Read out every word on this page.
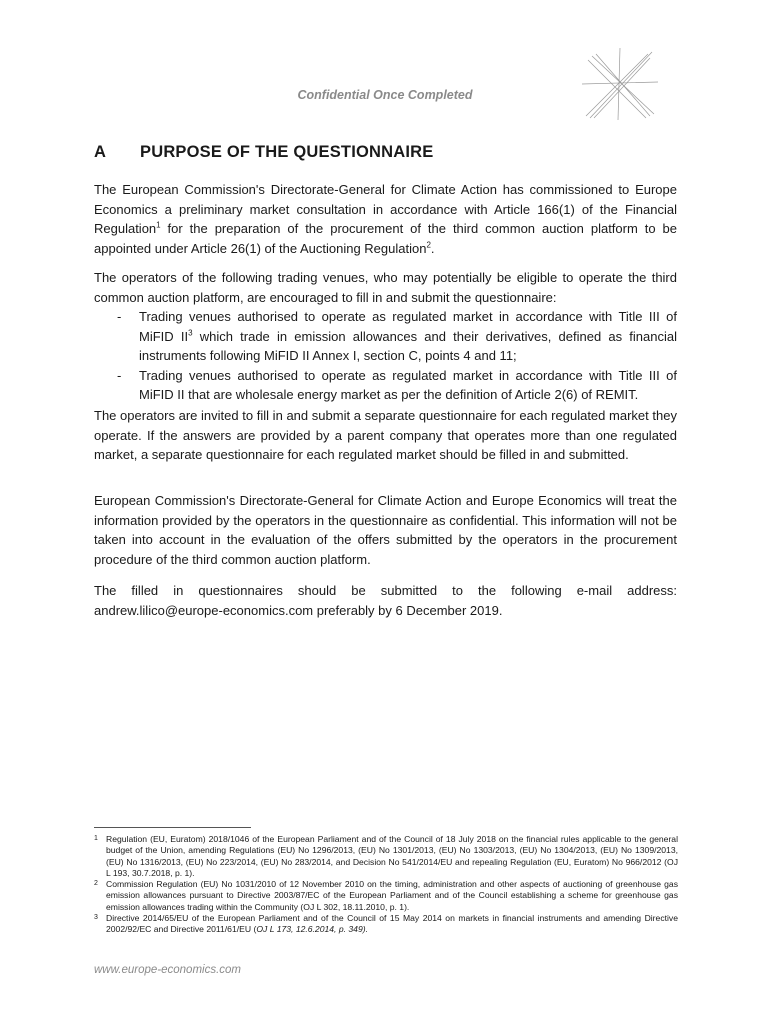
Confidential Once Completed
A PURPOSE OF THE QUESTIONNAIRE

The European Commission's Directorate-General for Climate Action has commissioned to Europe Economics a preliminary market consultation in accordance with Article 166(1) of the Financial Regulation$^1$ for the preparation of the procurement of the third common auction platform to be appointed under Article 26(1) of the Auctioning Regulation$^2$.

The operators of the following trading venues, who may potentially be eligible to operate the third common auction platform, are encouraged to fill in and submit the questionnaire:

- Trading venues authorised to operate as regulated market in accordance with Title III of MiFID $II^3$ which trade in emission allowances and their derivatives, defined as financial instruments following MiFID II Annex I, section C, points 4 and 11;

- Trading venues authorised to operate as regulated market in accordance with Title III of MiFID II that are wholesale energy market as per the definition of Article 2(6) of REMIT.

The operators are invited to fill in and submit a separate questionnaire for each regulated market they operate. If the answers are provided by a parent company that operates more than one regulated market, a separate questionnaire for each regulated market should be filled in and submitted.
European Commission's Directorate-General for Climate Action and Europe Economics will treat the information provided by the operators in the questionnaire as confidential. This information will not be taken into account in the evaluation of the offers submitted by the operators in the procurement procedure of the third common auction platform.

The filled in questionnaires should be submitted to the following e-mail address: andrew.lilico@europe-economics.com preferably by 6 December 2019.

1 Regulation (EU, Euratom) 2018/1046 of the European Parliament and of the Council of 18 July 2018 on the financial rules applicable to the general budget of the Union, amending Regulations (EU) No 1296/2013, (EU) No 1301/2013, (EU) No 1303/2013, (EU) No 1304/2013, (EU) No 1309/2013, (EU) No 1316/2013, (EU) No 223/2014, (EU) No 283/2014, and Decision No 541/2014/EU and repealing Regulation (EU, Euratom) No 966/2012 (OJ L 193, 30.7.2018, p. 1).

2 Commission Regulation (EU) No 1031/2010 of 12 November 2010 on the timing, administration and other aspects of auctioning of greenhouse gas emission allowances pursuant to Directive 2003/87/EC of the European Parliament and of the Council establishing a scheme for greenhouse gas emission allowances trading within the Community (OJ L 302, 18.11.2010, p. 1).

3 Directive 2014/65/EU of the European Parliament and of the Council of 15 May 2014 on markets in financial instruments and amending Directive 2002/92/EC and Directive 2011/61/EU (OJ L 173, 12.6.2014, p. 349).

www.europe-economics.com
